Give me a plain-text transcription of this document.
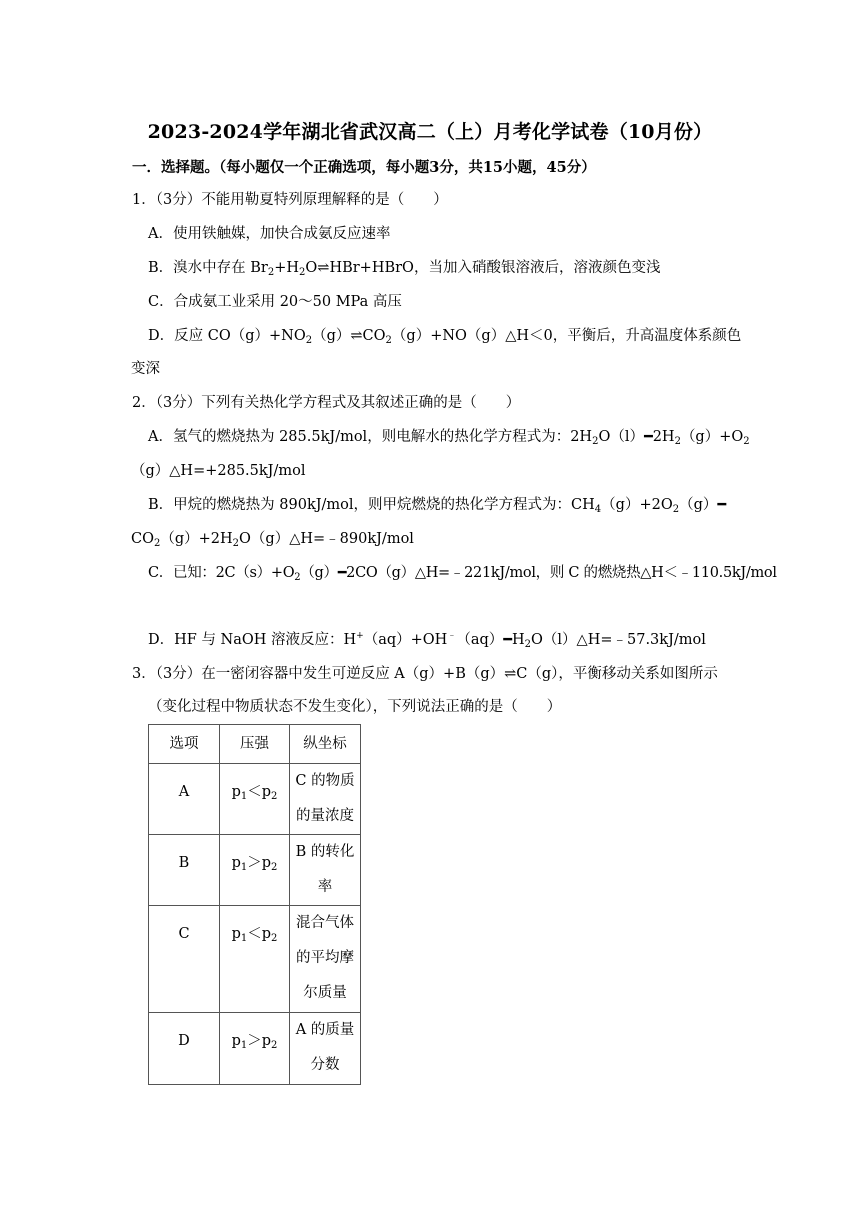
2023-2024学年湖北省武汉高二（上）月考化学试卷（10月份）
一．选择题。（每小题仅一个正确选项，每小题3分，共15小题，45分）
1．（3分）不能用勒夏特列原理解释的是（　　）
A．使用铁触媒，加快合成氨反应速率
B．溴水中存在 $Br_2+H_2O\rightleftharpoons HBr+HBrO$，当加入硝酸银溶液后，溶液颜色变浅
C．合成氨工业采用 20～50 MPa 高压
D．反应 $CO(g)+NO_2(g)\rightleftharpoons CO_2(g)+NO(g)\triangle H<0$，平衡后，升高温度体系颜色
变深
2．（3分）下列有关热化学方程式及其叙述正确的是（　　）
A．氢气的燃烧热为 285.5kJ/mol，则电解水的热化学方程式为：$2H_2O(l)━2H_2(g)+O_2$
（g）△H=+285.5kJ/mol
B．甲烷的燃烧热为 890kJ/mol，则甲烷燃烧的热化学方程式为：$CH_4(g)+2O_2(g)━$
$CO_2(g)+2H_2O(g)\triangle H=﹣890kJ$/mol
C．已知：$2C(s)+O_2(g)━2CO(g)\triangle H=﹣221kJ$/mol，则 C 的燃烧热△H＜﹣110.5kJ/mol
D．HF 与 NaOH 溶液反应：$H^+(aq)+OH^﹣(aq)━H_2O(l)\triangle H=﹣57.3kJ$/mol
3．（3分）在一密闭容器中发生可逆反应 A（g）+B（g）⇌C（g），平衡移动关系如图所示
（变化过程中物质状态不发生变化），下列说法正确的是（　　）
选项	压强	纵坐标

A	$p_1<p_2$	C 的物质
的量浓度

B	$p_1>p_2$	B 的转化
率

C	$p_1<p_2$	混合气体
的平均摩
尔质量

D	$p_1>p_2$	A 的质量
分数
